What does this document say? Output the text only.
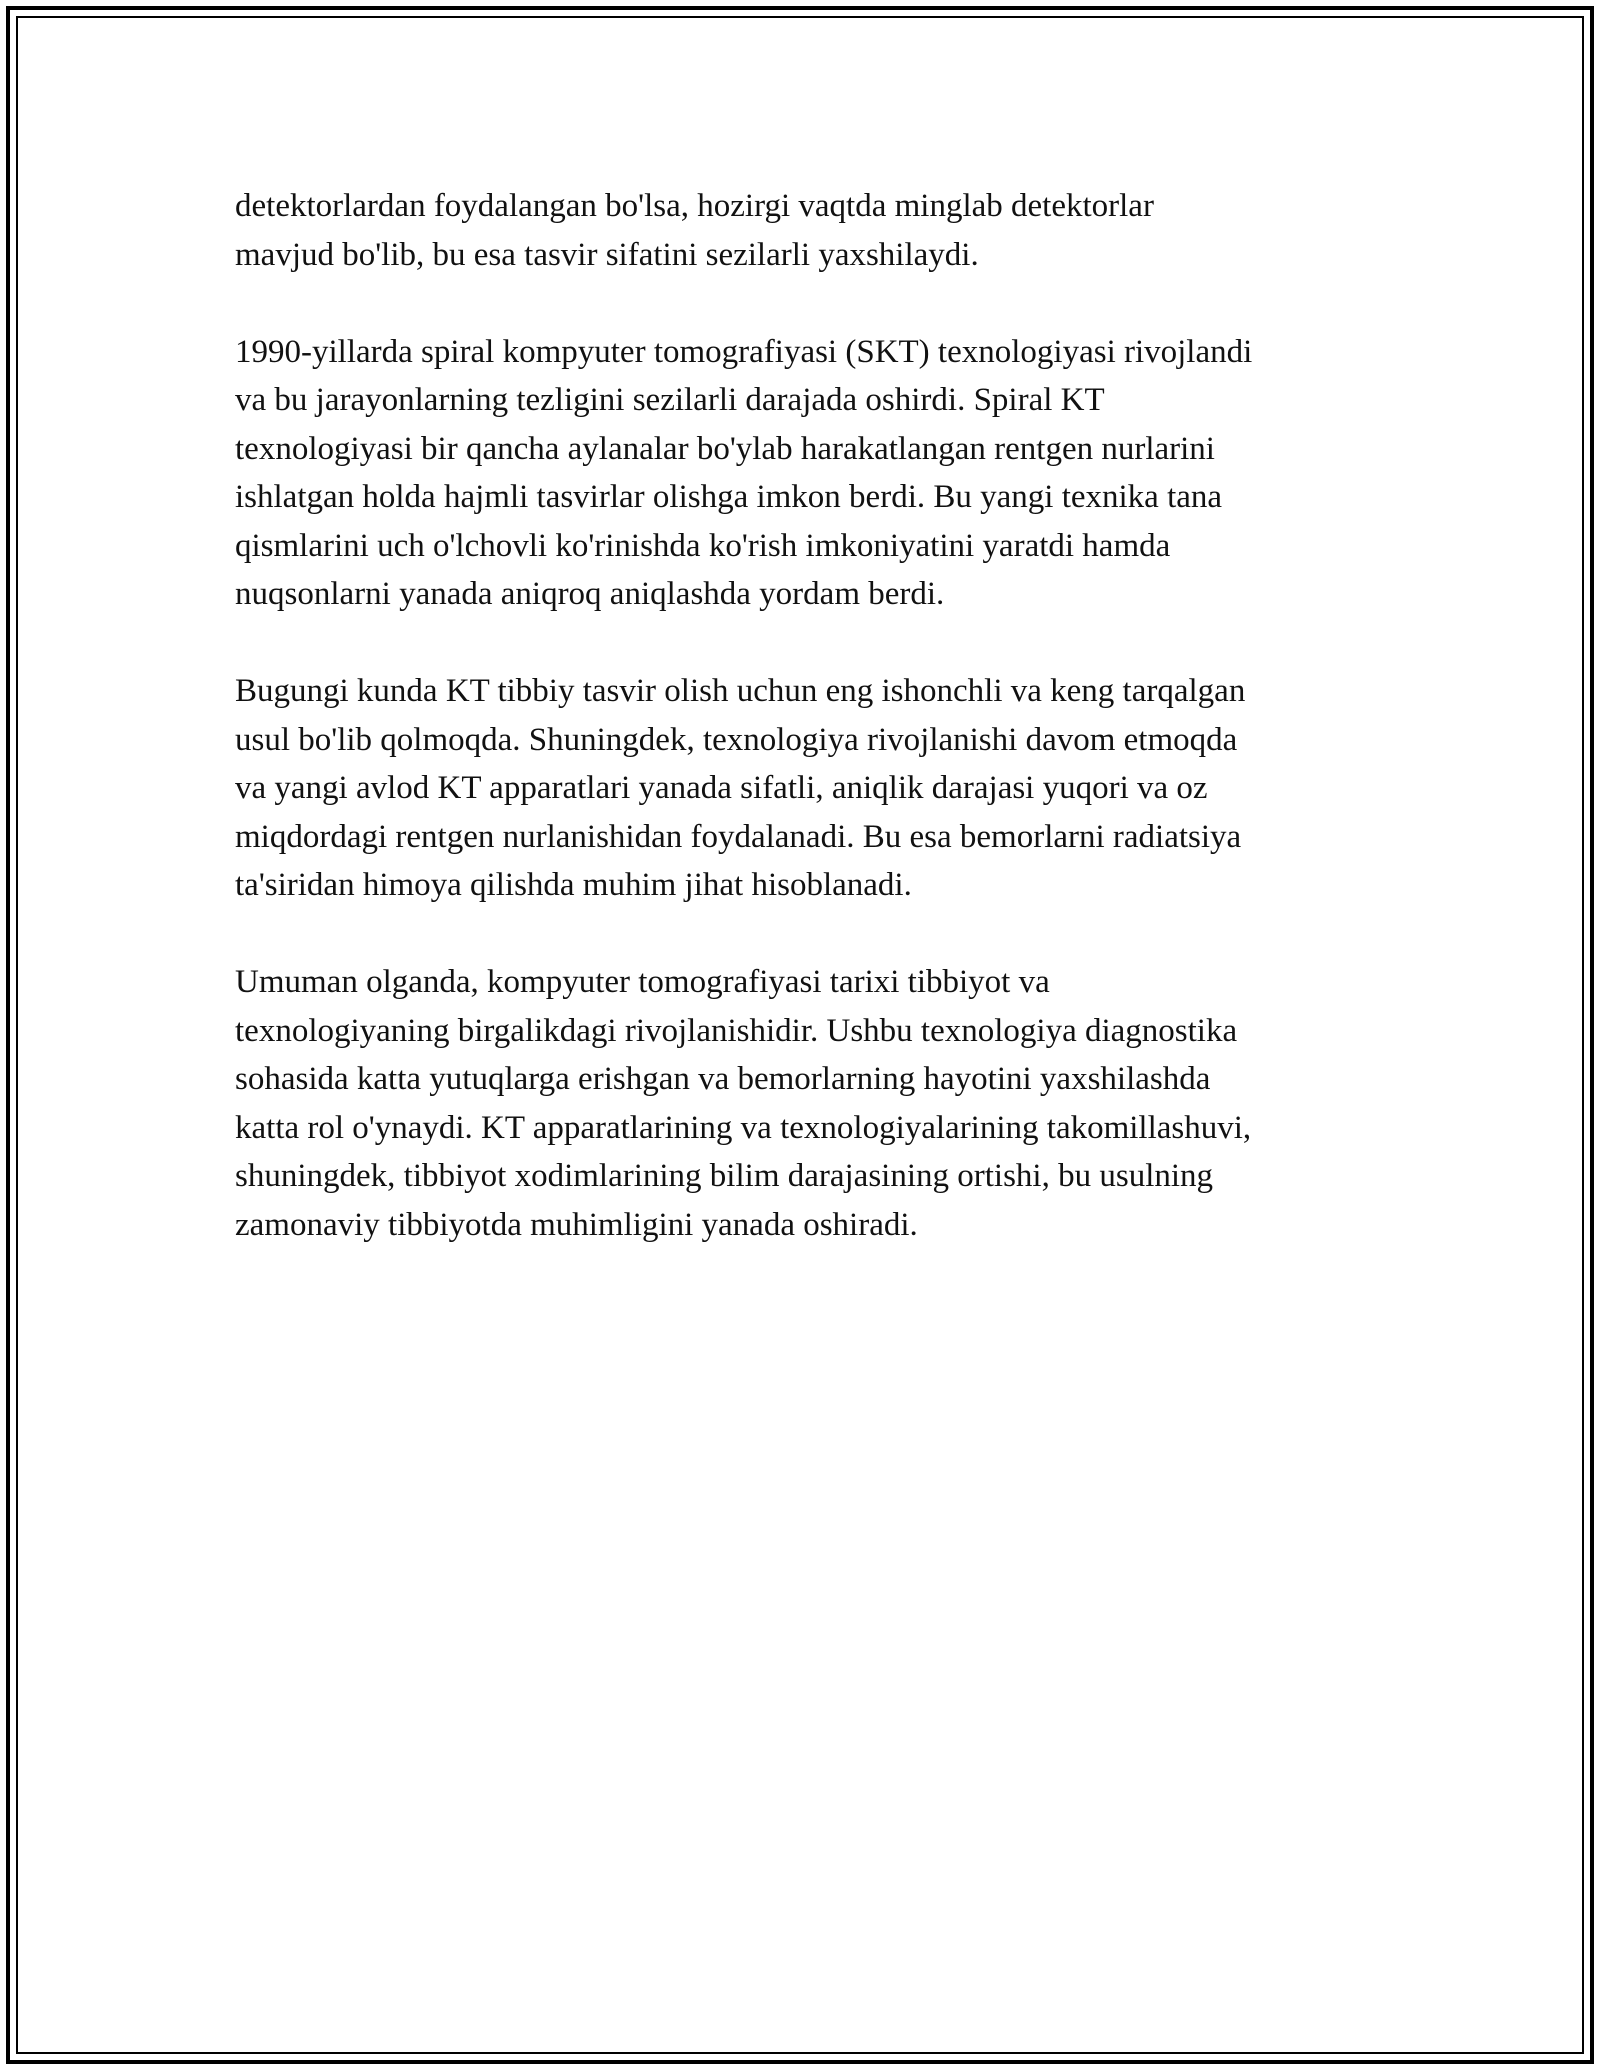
detektorlardan foydalangan bo'lsa, hozirgi vaqtda minglab detektorlar
mavjud bo'lib, bu esa tasvir sifatini sezilarli yaxshilaydi.

1990-yillarda spiral kompyuter tomografiyasi (SKT) texnologiyasi rivojlandi
va bu jarayonlarning tezligini sezilarli darajada oshirdi. Spiral KT
texnologiyasi bir qancha aylanalar bo'ylab harakatlangan rentgen nurlarini
ishlatgan holda hajmli tasvirlar olishga imkon berdi. Bu yangi texnika tana
qismlarini uch o'lchovli ko'rinishda ko'rish imkoniyatini yaratdi hamda
nuqsonlarni yanada aniqroq aniqlashda yordam berdi.

Bugungi kunda KT tibbiy tasvir olish uchun eng ishonchli va keng tarqalgan
usul bo'lib qolmoqda. Shuningdek, texnologiya rivojlanishi davom etmoqda
va yangi avlod KT apparatlari yanada sifatli, aniqlik darajasi yuqori va oz
miqdordagi rentgen nurlanishidan foydalanadi. Bu esa bemorlarni radiatsiya
ta'siridan himoya qilishda muhim jihat hisoblanadi.

Umuman olganda, kompyuter tomografiyasi tarixi tibbiyot va
texnologiyaning birgalikdagi rivojlanishidir. Ushbu texnologiya diagnostika
sohasida katta yutuqlarga erishgan va bemorlarning hayotini yaxshilashda
katta rol o'ynaydi. KT apparatlarining va texnologiyalarining takomillashuvi,
shuningdek, tibbiyot xodimlarining bilim darajasining ortishi, bu usulning
zamonaviy tibbiyotda muhimligini yanada oshiradi.
